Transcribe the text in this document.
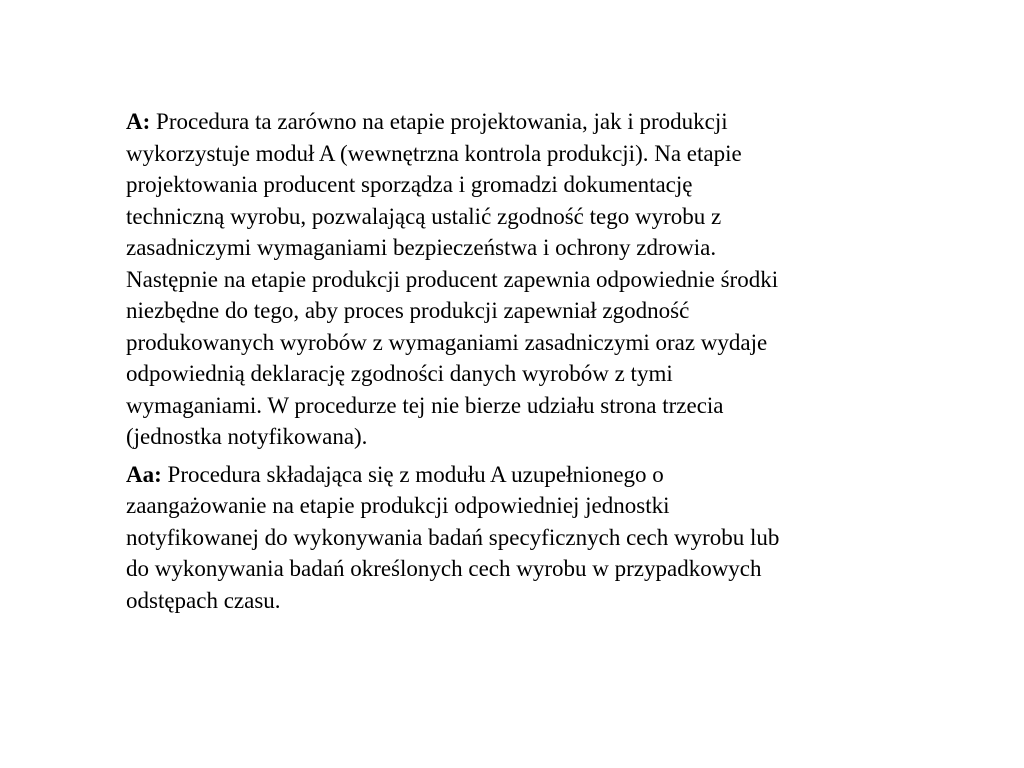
A: Procedura ta zarówno na etapie projektowania, jak i produkcji
wykorzystuje moduł A (wewnętrzna kontrola produkcji). Na etapie
projektowania producent sporządza i gromadzi dokumentację
techniczną wyrobu, pozwalającą ustalić zgodność tego wyrobu z
zasadniczymi wymaganiami bezpieczeństwa i ochrony zdrowia.
Następnie na etapie produkcji producent zapewnia odpowiednie środki
niezbędne do tego, aby proces produkcji zapewniał zgodność
produkowanych wyrobów z wymaganiami zasadniczymi oraz wydaje
odpowiednią deklarację zgodności danych wyrobów z tymi
wymaganiami. W procedurze tej nie bierze udziału strona trzecia
(jednostka notyfikowana).
Aa: Procedura składająca się z modułu A uzupełnionego o
zaangażowanie na etapie produkcji odpowiedniej jednostki
notyfikowanej do wykonywania badań specyficznych cech wyrobu lub
do wykonywania badań określonych cech wyrobu w przypadkowych
odstępach czasu.
